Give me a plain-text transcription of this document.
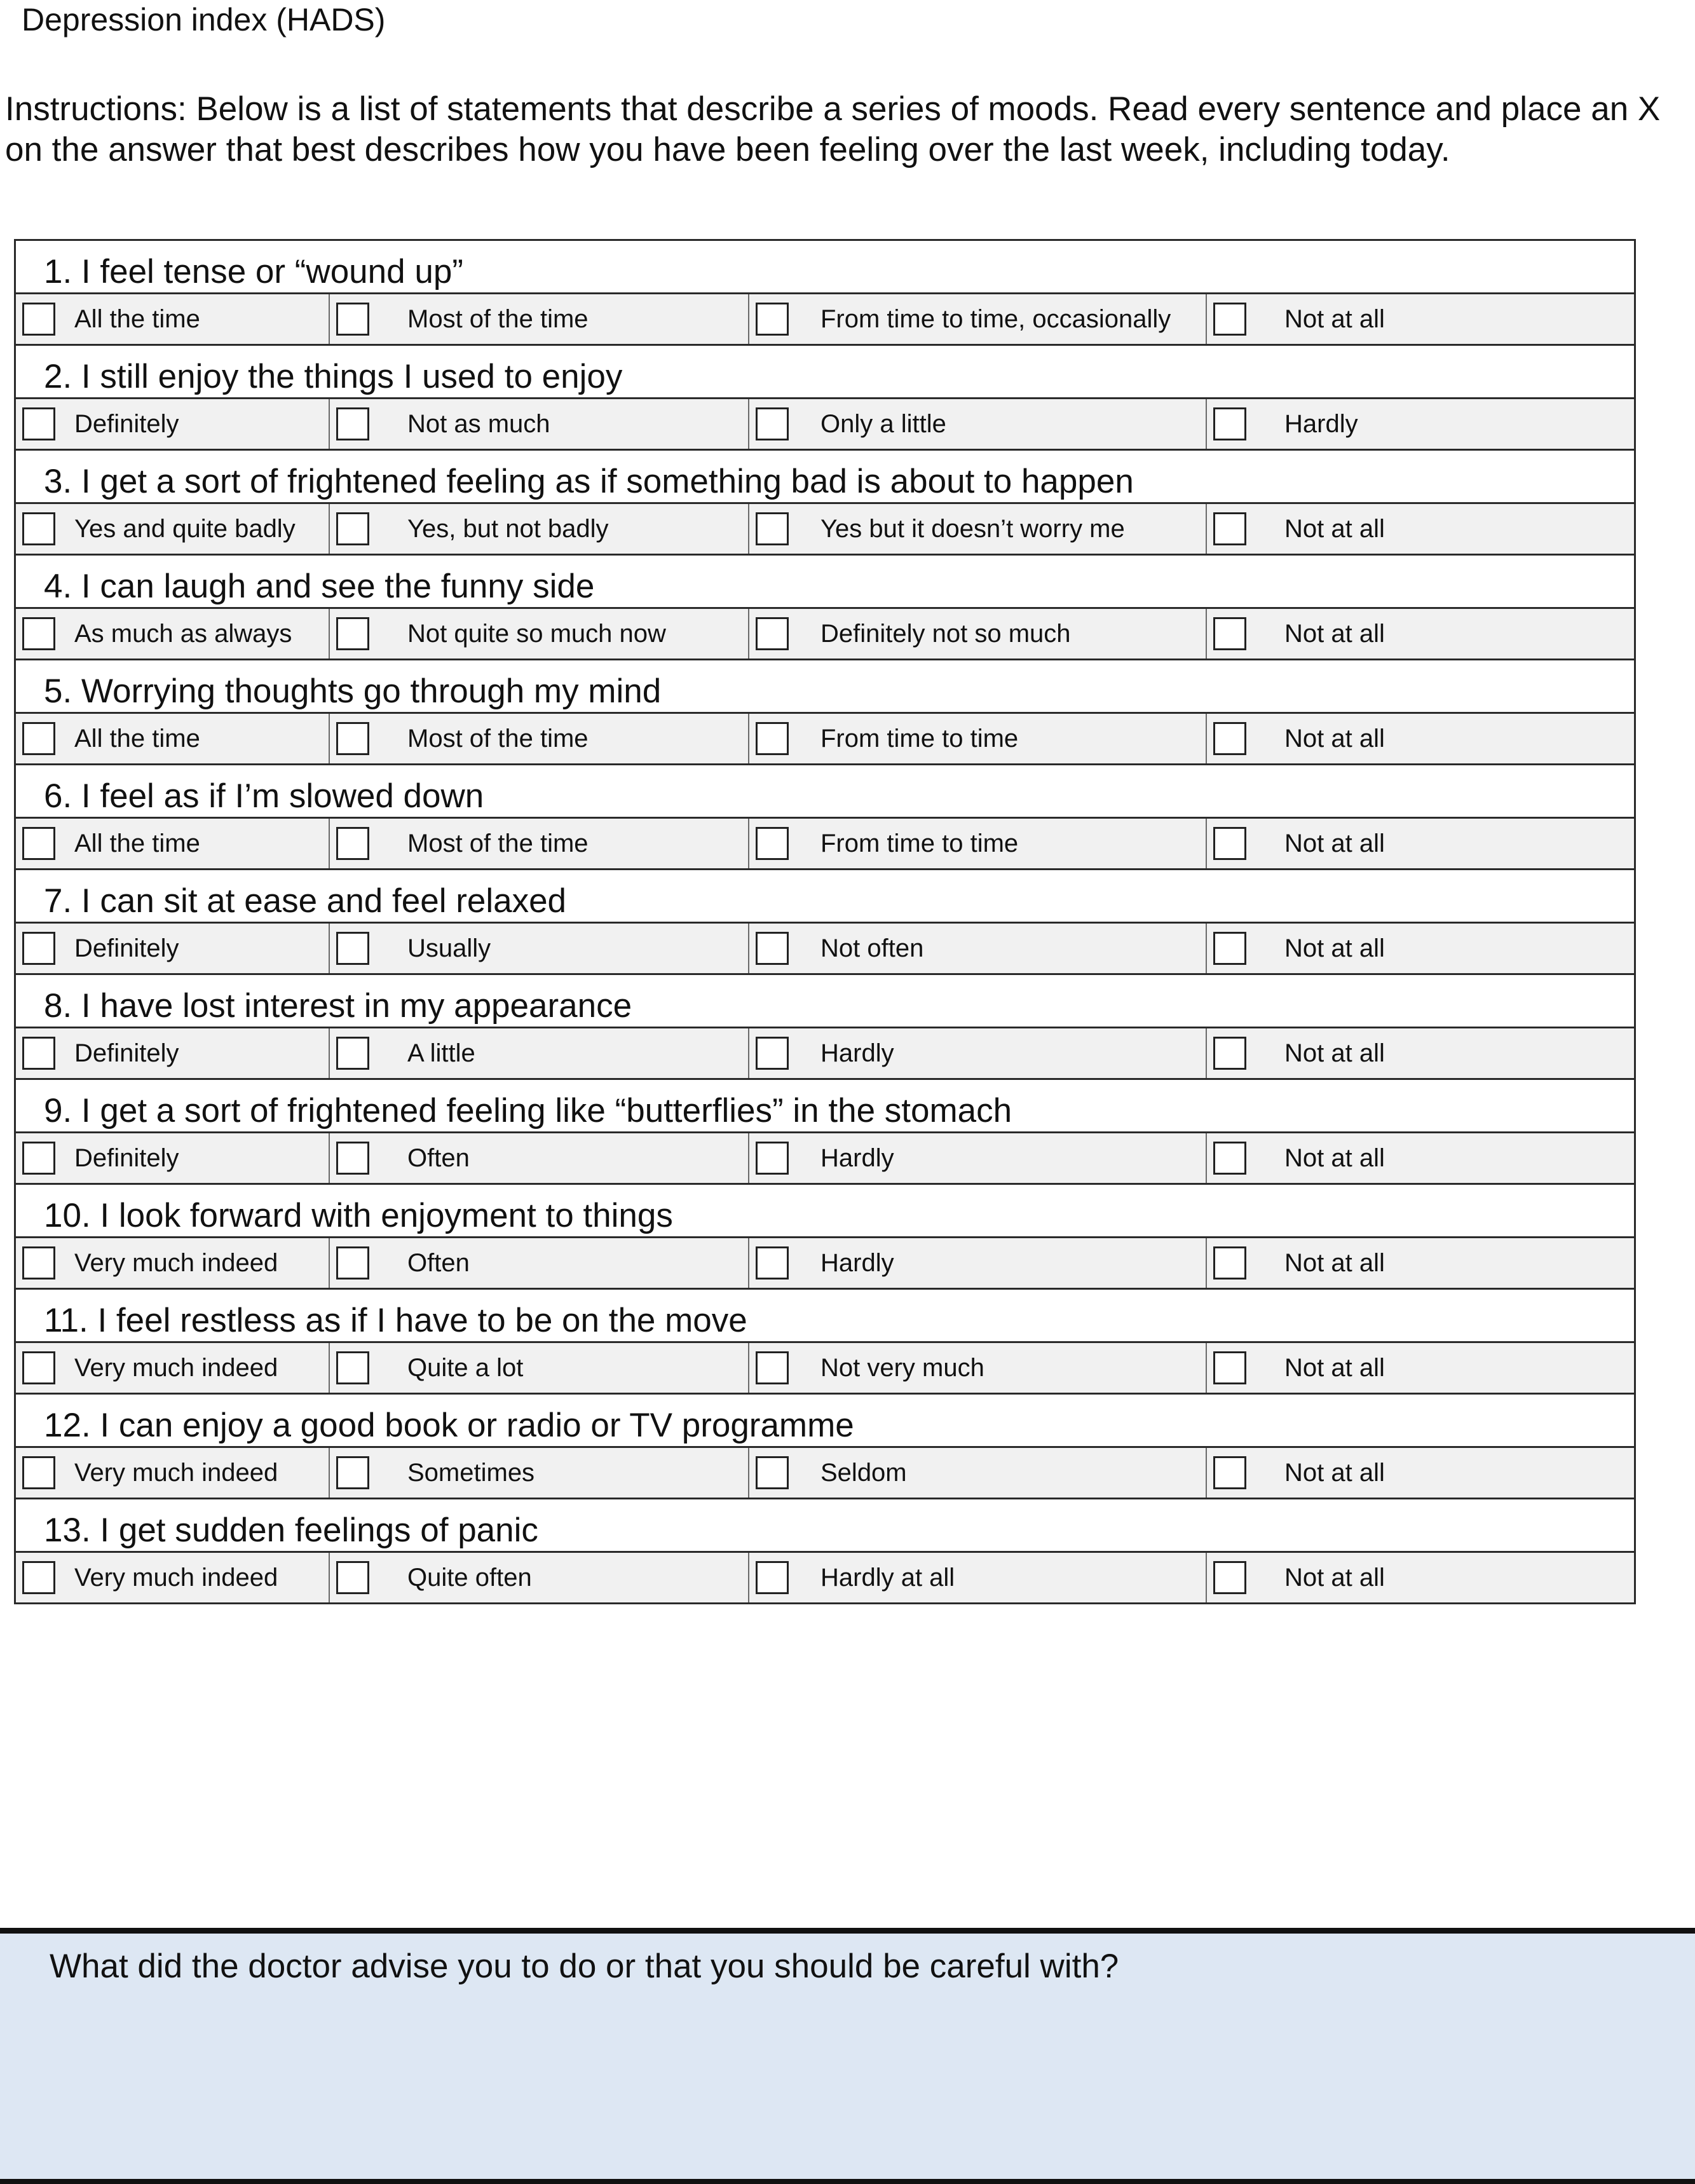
Depression index (HADS)
Instructions: Below is a list of statements that describe a series of moods. Read every sentence and place an X on the answer that best describes how you have been feeling over the last week, including today.
1. I feel tense or “wound up”
All the time	Most of the time	From time to time, occasionally	Not at all
2. I still enjoy the things I used to enjoy
Definitely	Not as much	Only a little	Hardly
3. I get a sort of frightened feeling as if something bad is about to happen
Yes and quite badly	Yes, but not badly	Yes but it doesn’t worry me	Not at all
4. I can laugh and see the funny side
As much as always	Not quite so much now	Definitely not so much	Not at all
5. Worrying thoughts go through my mind
All the time	Most of the time	From time to time	Not at all
6. I feel as if I’m slowed down
All the time	Most of the time	From time to time	Not at all
7. I can sit at ease and feel relaxed
Definitely	Usually	Not often	Not at all
8. I have lost interest in my appearance
Definitely	A little	Hardly	Not at all
9. I get a sort of frightened feeling like “butterflies” in the stomach
Definitely	Often	Hardly	Not at all
10. I look forward with enjoyment to things
Very much indeed	Often	Hardly	Not at all
11. I feel restless as if I have to be on the move
Very much indeed	Quite a lot	Not very much	Not at all
12. I can enjoy a good book or radio or TV programme
Very much indeed	Sometimes	Seldom	Not at all
13. I get sudden feelings of panic
Very much indeed	Quite often	Hardly at all	Not at all
What did the doctor advise you to do or that you should be careful with?
